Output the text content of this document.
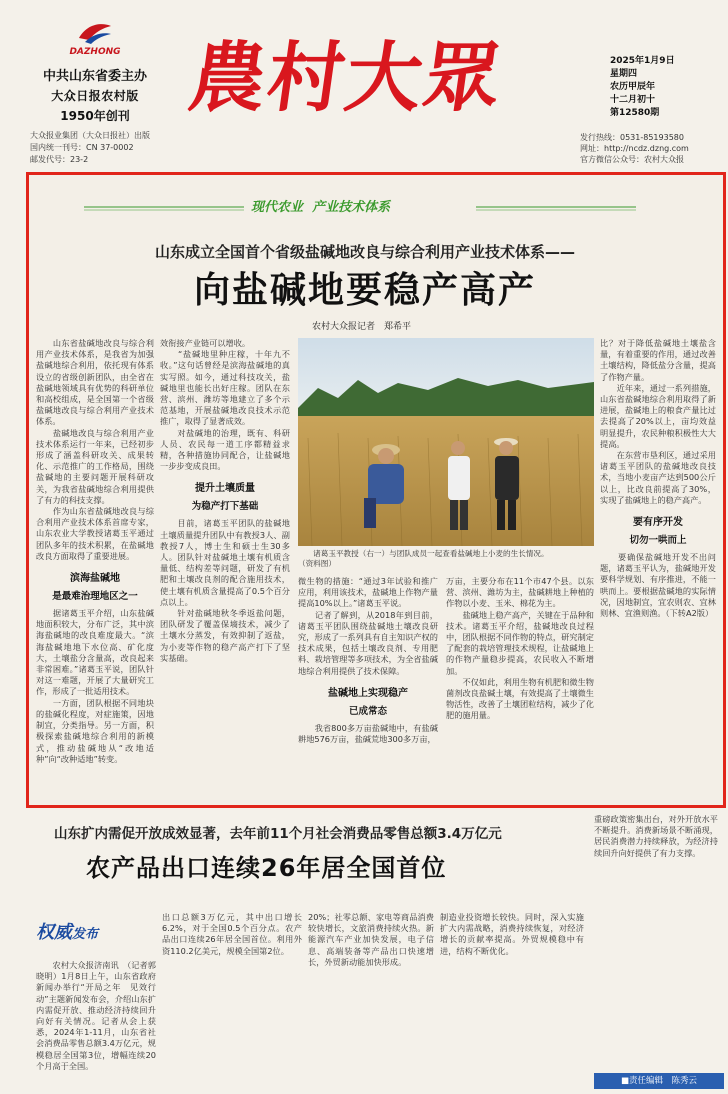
DAZHONG
中共山东省委主办
大众日报农村版
1950年创刊
大众报业集团（大众日报社）出版
国内统一刊号：CN 37-0002
邮发代号：23-2
農村大眾	2025年1月9日
星期四
农历甲辰年
十二月初十
第12580期
发行热线：0531-85193580
网址：http://ncdz.dzng.com
官方微信公众号：农村大众报
现代农业 产业技术体系
山东成立全国首个省级盐碱地改良与综合利用产业技术体系——
向盐碱地要稳产高产
农村大众报记者　郑希平

　　山东省盐碱地改良与综合利用产业技术体系，是我省为加强盐碱地综合利用，依托现有体系设立的省级创新团队，由全省在盐碱地领域具有优势的科研单位和高校组成，是全国第一个省级盐碱地改良与综合利用产业技术体系。

　　盐碱地改良与综合利用产业技术体系运行一年来，已经初步形成了涵盖科研攻关、成果转化、示范推广的工作格局，围绕盐碱地的主要问题开展科研攻关，为我省盐碱地综合利用提供了有力的科技支撑。

　　作为山东省盐碱地改良与综合利用产业技术体系首席专家，山东农业大学教授诸葛玉平通过团队多年的技术积累，在盐碱地改良方面取得了重要进展。

滨海盐碱地
是最难治理地区之一

　　据诸葛玉平介绍，山东盐碱地面积较大，分布广泛，其中滨海盐碱地的改良难度最大。“滨海盐碱地地下水位高、矿化度大，土壤盐分含量高，改良起来非常困难。”诸葛玉平说，团队针对这一难题，开展了大量研究工作，形成了一批适用技术。

　　一方面，团队根据不同地块的盐碱化程度，对症施策，因地制宜，分类指导。另一方面，积极探索盐碱地综合利用的新模式，推动盐碱地从“改地适种”向“改种适地”转变。

效衔接产业链可以增收。

　　“盐碱地里种庄稼，十年九不收。”这句话曾经是滨海盐碱地的真实写照。如今，通过科技攻关，盐碱地里也能长出好庄稼。团队在东营、滨州、潍坊等地建立了多个示范基地，开展盐碱地改良技术示范推广，取得了显著成效。

　　对盐碱地的治理，既有、科研人员、农民每一道工序都精益求精，各种措施协同配合，让盐碱地一步步变成良田。

提升土壤质量
为稳产打下基础

　　目前，诸葛玉平团队的盐碱地土壤质量提升团队中有教授3人、副教授7人，博士生和硕士生30多人。团队针对盐碱地土壤有机质含量低、结构差等问题，研发了有机肥和土壤改良剂的配合施用技术，使土壤有机质含量提高了0.5个百分点以上。

　　针对盐碱地秋冬季返盐问题，团队研发了覆盖保墒技术，减少了土壤水分蒸发，有效抑制了返盐，为小麦等作物的稳产高产打下了坚实基础。

　　诸葛玉平教授（右一）与团队成员一起查看盐碱地上小麦的生长情况。　　　　　　　　　（资料图）

微生物的措施：“通过3年试验和推广应用，利用该技术，盐碱地上作物产量提高10%以上。”诸葛玉平说。

　　记者了解到，从2018年到目前，诸葛玉平团队围绕盐碱地土壤改良研究，形成了一系列具有自主知识产权的技术成果，包括土壤改良剂、专用肥料、栽培管理等多项技术，为全省盐碱地综合利用提供了技术保障。

盐碱地上实现稳产
已成常态

　　我省800多万亩盐碱地中，有盐碱耕地576万亩，盐碱荒地300多万亩，

万亩，主要分布在11个市47个县。以东营、滨州、潍坊为主，盐碱耕地上种植的作物以小麦、玉米、棉花为主。

　　盐碱地上稳产高产，关键在于品种和技术。诸葛玉平介绍，盐碱地改良过程中，团队根据不同作物的特点，研究制定了配套的栽培管理技术规程，让盐碱地上的作物产量稳步提高，农民收入不断增加。

　　不仅如此，利用生物有机肥和微生物菌剂改良盐碱土壤，有效提高了土壤微生物活性，改善了土壤团粒结构，减少了化肥的施用量。

比？对于降低盐碱地土壤盐含量，有着重要的作用，通过改善土壤结构，降低盐分含量，提高了作物产量。

　　近年来，通过一系列措施，山东省盐碱地综合利用取得了新进展，盐碱地上的粮食产量比过去提高了20%以上，亩均效益明显提升，农民种粮积极性大大提高。

　　在东营市垦利区，通过采用诸葛玉平团队的盐碱地改良技术，当地小麦亩产达到500公斤以上，比改良前提高了30%，实现了盐碱地上的稳产高产。

要有序开发
切勿一哄而上

　　要确保盐碱地开发不出问题，诸葛玉平认为，盐碱地开发要科学规划、有序推进，不能一哄而上。要根据盐碱地的实际情况，因地制宜，宜农则农、宜林则林、宜渔则渔。（下转A2版）

山东扩内需促开放成效显著，去年前11个月社会消费品零售总额3.4万亿元
农产品出口连续26年居全国首位
权威发布

　　农村大众报济南讯　（记者郭晓明）1月8日上午，山东省政府新闻办举行“开局之年　见效行动”主题新闻发布会，介绍山东扩内需促开放、推动经济持续回升向好有关情况。记者从会上获悉，2024年1-11月，山东省社会消费品零售总额3.4万亿元，规模稳居全国第3位，增幅连续20个月高于全国。

出口总额3万亿元，其中出口增长6.2%，对于全国0.5个百分点。农产品出口连续26年居全国首位。利用外资110.2亿美元，规模全国第2位。

20%；社零总额、家电等商品消费较快增长，文旅消费持续火热。新能源汽车产业加快发展，电子信息、高端装备等产品出口快速增长，外贸新动能加快形成。

制造业投资增长较快。同时，深入实施扩大内需战略，消费持续恢复，对经济增长的贡献率提高。外贸规模稳中有进，结构不断优化。

重磅政策密集出台，对外开放水平不断提升。消费新场景不断涌现，居民消费潜力持续释放，为经济持续回升向好提供了有力支撑。

■责任编辑　陈秀云
